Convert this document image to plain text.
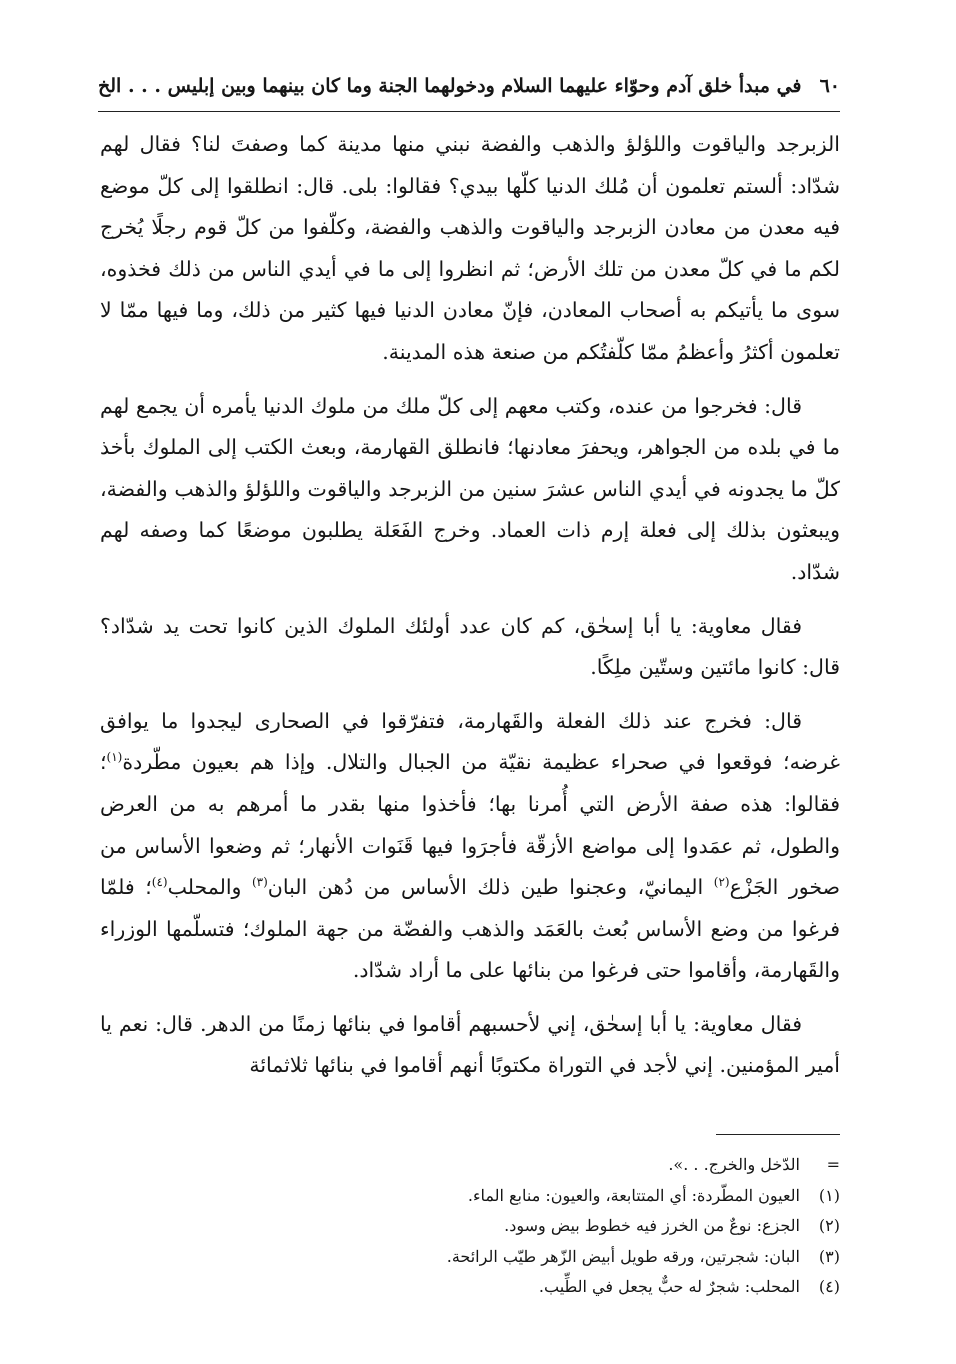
٦٠
في مبدأ خلق آدم وحوّاء عليهما السلام ودخولهما الجنة وما كان بينهما وبين إبليس . . . الخ

الزبرجد والياقوت واللؤلؤ والذهب والفضة نبني منها مدينة كما وصفتَ لنا؟ فقال لهم شدّاد: ألستم تعلمون أن مُلك الدنيا كلّها بيدي؟ فقالوا: بلى. قال: انطلقوا إلى كلّ موضع فيه معدن من معادن الزبرجد والياقوت والذهب والفضة، وكلّفوا من كلّ قوم رجلًا يُخرج لكم ما في كلّ معدن من تلك الأرض؛ ثم انظروا إلى ما في أيدي الناس من ذلك فخذوه، سوى ما يأتيكم به أصحاب المعادن، فإنّ معادن الدنيا فيها كثير من ذلك، وما فيها ممّا لا تعلمون أكثرُ وأعظمُ ممّا كلّفتُكم من صنعة هذه المدينة.

قال: فخرجوا من عنده، وكتب معهم إلى كلّ ملك من ملوك الدنيا يأمره أن يجمع لهم ما في بلده من الجواهر، ويحفرَ معادنها؛ فانطلق القهارمة، وبعث الكتب إلى الملوك بأخذ كلّ ما يجدونه في أيدي الناس عشرَ سنين من الزبرجد والياقوت واللؤلؤ والذهب والفضة، ويبعثون بذلك إلى فعلة إرم ذات العماد. وخرج الفَعَلة يطلبون موضعًا كما وصفه لهم شدّاد.

فقال معاوية: يا أبا إسحٰق، كم كان عدد أولئك الملوك الذين كانوا تحت يد شدّاد؟ قال: كانوا مائتين وستّين ملِكًا.

قال: فخرج عند ذلك الفعلة والقَهارمة، فتفرّقوا في الصحارى ليجدوا ما يوافق غرضه؛ فوقعوا في صحراء عظيمة نقيّة من الجبال والتلال. وإذا هم بعيون مطّردة$^{(١)}$؛ فقالوا: هذه صفة الأرض التي أُمرنا بها؛ فأخذوا منها بقدر ما أمرهم به من العرض والطول، ثم عمَدوا إلى مواضع الأزقّة فأجرَوا فيها قَنَوات الأنهار؛ ثم وضعوا الأساس من صخور الجَزْع$^{(٢)}$ اليمانيّ، وعجنوا طين ذلك الأساس من دُهن البان$^{(٣)}$ والمحلب$^{(٤)}$؛ فلمّا فرغوا من وضع الأساس بُعث بالعَمَد والذهب والفضّة من جهة الملوك؛ فتسلّمها الوزراء والقَهارمة، وأقاموا حتى فرغوا من بنائها على ما أراد شدّاد.

فقال معاوية: يا أبا إسحٰق، إني لأحسبهم أقاموا في بنائها زمنًا من الدهر. قال: نعم يا أمير المؤمنين. إني لأجد في التوراة مكتوبًا أنهم أقاموا في بنائها ثلاثمائة

=
الدّخل والخرج. . .».
(١)
العيون المطّردة: أي المتتابعة، والعيون: منابع الماء.
(٢)
الجزع: نوعٌ من الخرز فيه خطوط بيض وسود.
(٣)
البان: شجرتين، ورقه طويل أبيض الزّهر طيّب الرائحة.
(٤)
المحلب: شجرٌ له حبٌّ يجعل في الطِّيب.
